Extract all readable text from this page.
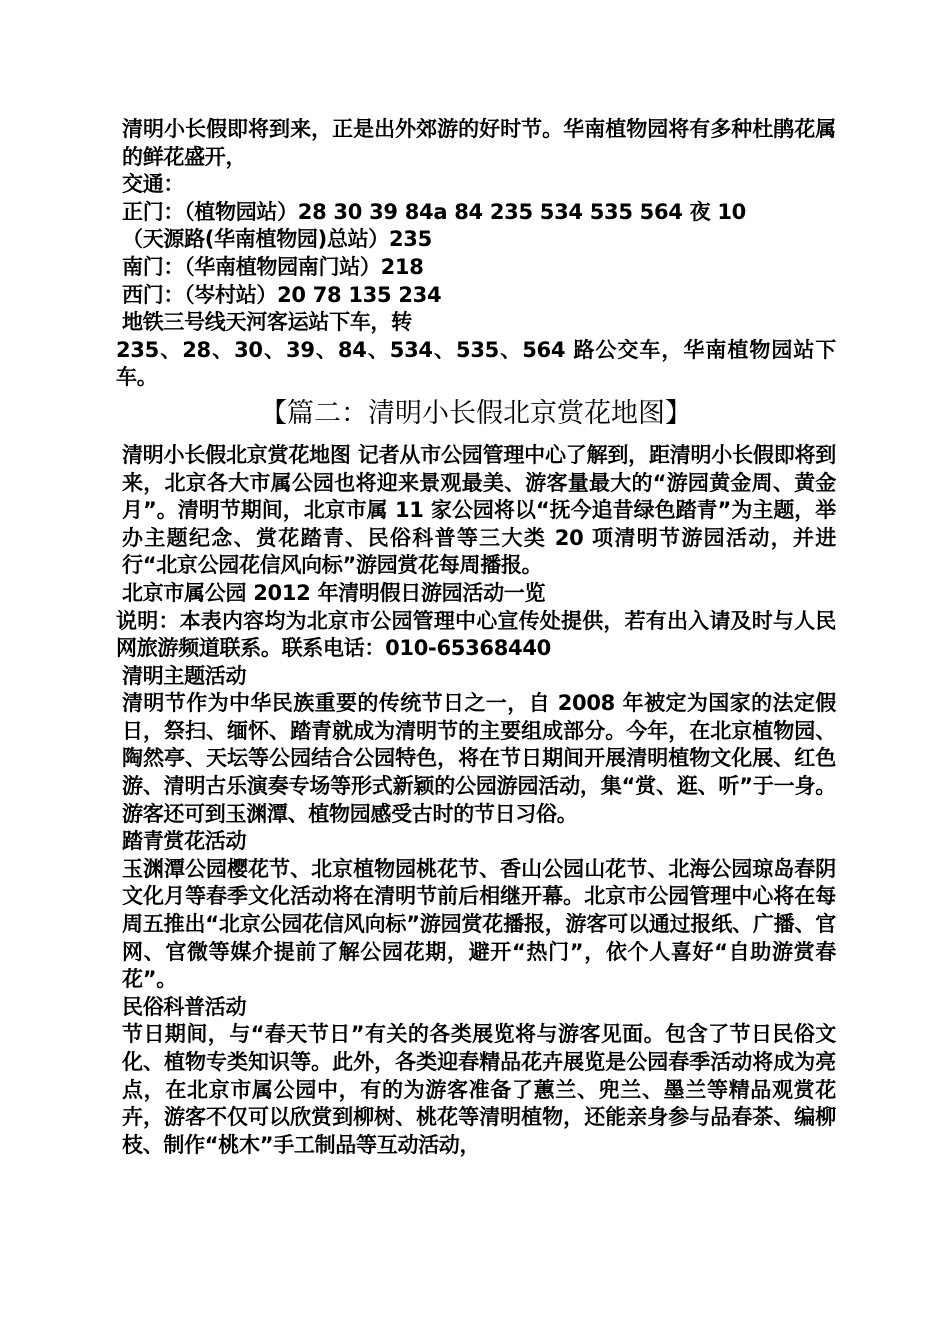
清明小长假即将到来，正是出外郊游的好时节。华南植物园将有多种杜鹃花属的鲜花盛开，

交通：

正门：（植物园站）28 30 39 84a 84 235 534 535 564 夜 10

（天源路(华南植物园)总站）235

南门：（华南植物园南门站）218

西门：（岑村站）20 78 135 234

地铁三号线天河客运站下车，转

235、28、30、39、84、534、535、564 路公交车，华南植物园站下车。

【篇二：清明小长假北京赏花地图】

清明小长假北京赏花地图 记者从市公园管理中心了解到，距清明小长假即将到来，北京各大市属公园也将迎来景观最美、游客量最大的“游园黄金周、黄金月”。清明节期间，北京市属 11 家公园将以“抚今追昔绿色踏青”为主题，举办主题纪念、赏花踏青、民俗科普等三大类 20 项清明节游园活动，并进行“北京公园花信风向标”游园赏花每周播报。

北京市属公园 2012 年清明假日游园活动一览

说明：本表内容均为北京市公园管理中心宣传处提供，若有出入请及时与人民网旅游频道联系。联系电话：010-65368440

清明主题活动

清明节作为中华民族重要的传统节日之一，自 2008 年被定为国家的法定假日，祭扫、缅怀、踏青就成为清明节的主要组成部分。今年，在北京植物园、陶然亭、天坛等公园结合公园特色，将在节日期间开展清明植物文化展、红色游、清明古乐演奏专场等形式新颖的公园游园活动，集“赏、逛、听”于一身。游客还可到玉渊潭、植物园感受古时的节日习俗。

踏青赏花活动

玉渊潭公园樱花节、北京植物园桃花节、香山公园山花节、北海公园琼岛春阴文化月等春季文化活动将在清明节前后相继开幕。北京市公园管理中心将在每周五推出“北京公园花信风向标”游园赏花播报，游客可以通过报纸、广播、官网、官微等媒介提前了解公园花期，避开“热门”，依个人喜好“自助游赏春花”。

民俗科普活动

节日期间，与“春天节日”有关的各类展览将与游客见面。包含了节日民俗文化、植物专类知识等。此外，各类迎春精品花卉展览是公园春季活动将成为亮点，在北京市属公园中，有的为游客准备了蕙兰、兜兰、墨兰等精品观赏花卉，游客不仅可以欣赏到柳树、桃花等清明植物，还能亲身参与品春茶、编柳枝、制作“桃木”手工制品等互动活动，
